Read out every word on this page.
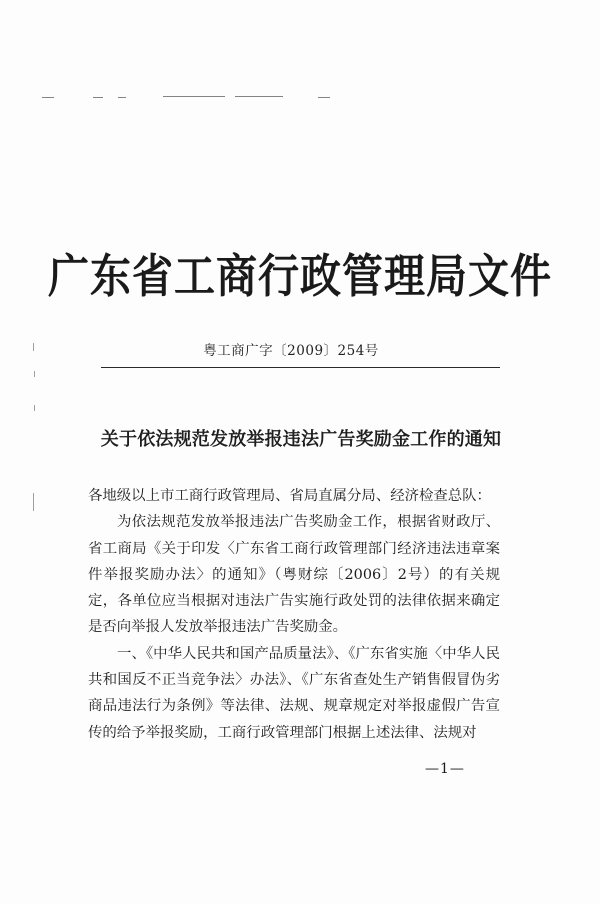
广东省工商行政管理局文件
粤工商广字〔2009〕254号
关于依法规范发放举报违法广告奖励金工作的通知

各地级以上市工商行政管理局、省局直属分局、经济检查总队：

为依法规范发放举报违法广告奖励金工作，根据省财政厅、省工商局《关于印发〈广东省工商行政管理部门经济违法违章案件举报奖励办法〉的通知》（粤财综〔2006〕2号）的有关规定，各单位应当根据对违法广告实施行政处罚的法律依据来确定是否向举报人发放举报违法广告奖励金。

一、《中华人民共和国产品质量法》、《广东省实施〈中华人民共和国反不正当竞争法〉办法》、《广东省查处生产销售假冒伪劣商品违法行为条例》等法律、法规、规章规定对举报虚假广告宣传的给予举报奖励，工商行政管理部门根据上述法律、法规对

—1—
